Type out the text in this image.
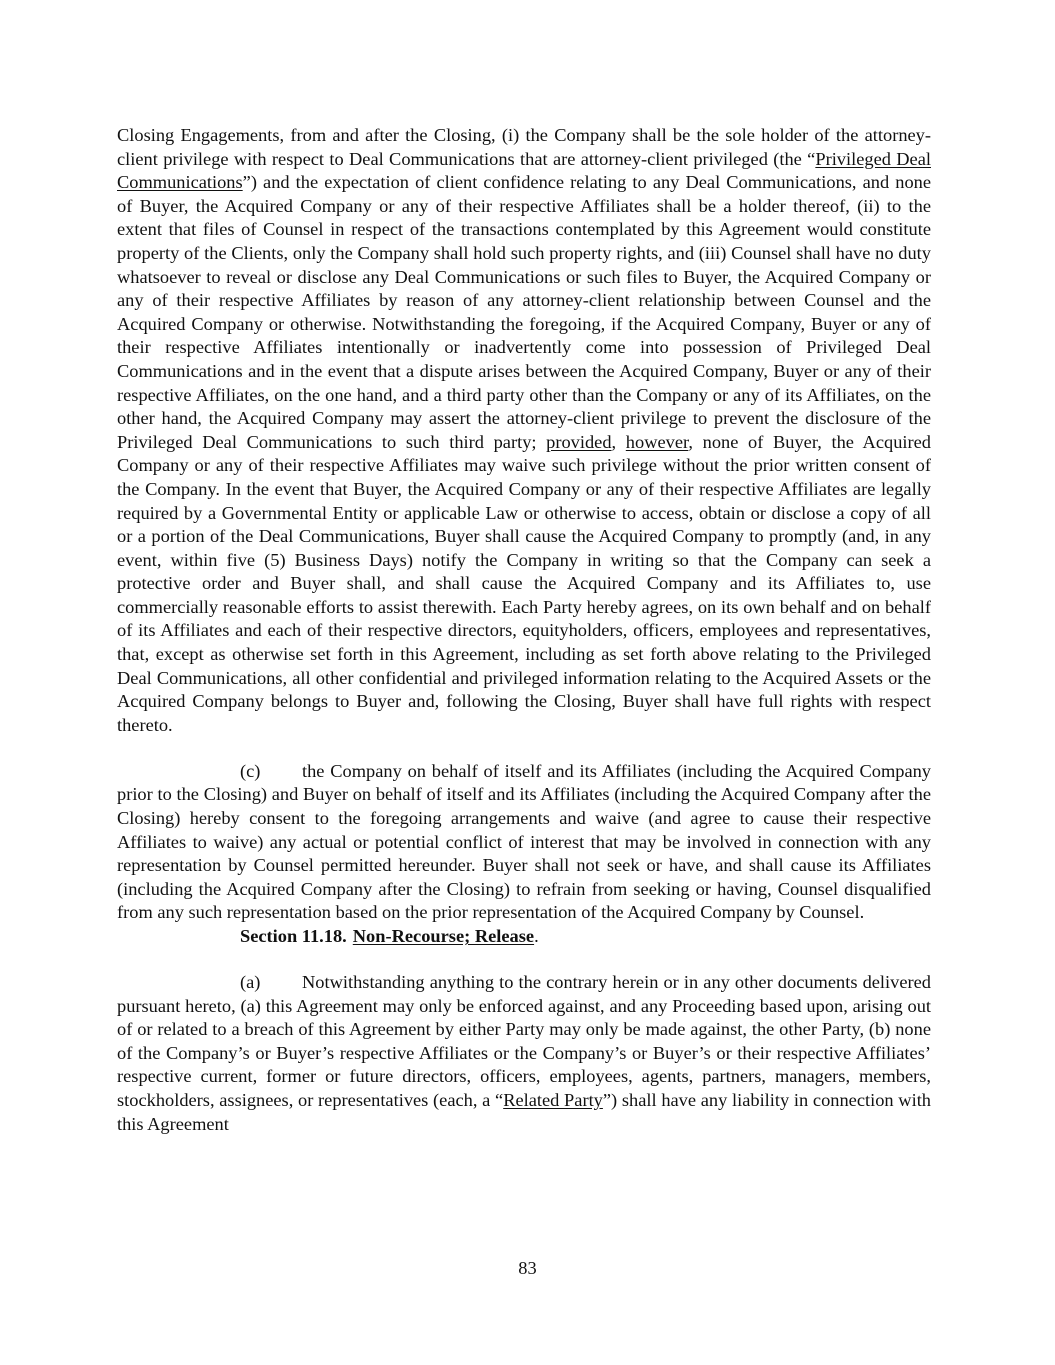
Closing Engagements, from and after the Closing, (i) the Company shall be the sole holder of the attorney-client privilege with respect to Deal Communications that are attorney-client privileged (the “Privileged Deal Communications”) and the expectation of client confidence relating to any Deal Communications, and none of Buyer, the Acquired Company or any of their respective Affiliates shall be a holder thereof, (ii) to the extent that files of Counsel in respect of the transactions contemplated by this Agreement would constitute property of the Clients, only the Company shall hold such property rights, and (iii) Counsel shall have no duty whatsoever to reveal or disclose any Deal Communications or such files to Buyer, the Acquired Company or any of their respective Affiliates by reason of any attorney-client relationship between Counsel and the Acquired Company or otherwise. Notwithstanding the foregoing, if the Acquired Company, Buyer or any of their respective Affiliates intentionally or inadvertently come into possession of Privileged Deal Communications and in the event that a dispute arises between the Acquired Company, Buyer or any of their respective Affiliates, on the one hand, and a third party other than the Company or any of its Affiliates, on the other hand, the Acquired Company may assert the attorney-client privilege to prevent the disclosure of the Privileged Deal Communications to such third party; provided, however, none of Buyer, the Acquired Company or any of their respective Affiliates may waive such privilege without the prior written consent of the Company. In the event that Buyer, the Acquired Company or any of their respective Affiliates are legally required by a Governmental Entity or applicable Law or otherwise to access, obtain or disclose a copy of all or a portion of the Deal Communications, Buyer shall cause the Acquired Company to promptly (and, in any event, within five (5) Business Days) notify the Company in writing so that the Company can seek a protective order and Buyer shall, and shall cause the Acquired Company and its Affiliates to, use commercially reasonable efforts to assist therewith. Each Party hereby agrees, on its own behalf and on behalf of its Affiliates and each of their respective directors, equityholders, officers, employees and representatives, that, except as otherwise set forth in this Agreement, including as set forth above relating to the Privileged Deal Communications, all other confidential and privileged information relating to the Acquired Assets or the Acquired Company belongs to Buyer and, following the Closing, Buyer shall have full rights with respect thereto.

(c) the Company on behalf of itself and its Affiliates (including the Acquired Company prior to the Closing) and Buyer on behalf of itself and its Affiliates (including the Acquired Company after the Closing) hereby consent to the foregoing arrangements and waive (and agree to cause their respective Affiliates to waive) any actual or potential conflict of interest that may be involved in connection with any representation by Counsel permitted hereunder. Buyer shall not seek or have, and shall cause its Affiliates (including the Acquired Company after the Closing) to refrain from seeking or having, Counsel disqualified from any such representation based on the prior representation of the Acquired Company by Counsel.

Section 11.18. Non-Recourse; Release.

(a) Notwithstanding anything to the contrary herein or in any other documents delivered pursuant hereto, (a) this Agreement may only be enforced against, and any Proceeding based upon, arising out of or related to a breach of this Agreement by either Party may only be made against, the other Party, (b) none of the Company’s or Buyer’s respective Affiliates or the Company’s or Buyer’s or their respective Affiliates’ respective current, former or future directors, officers, employees, agents, partners, managers, members, stockholders, assignees, or representatives (each, a “Related Party”) shall have any liability in connection with this Agreement

83
